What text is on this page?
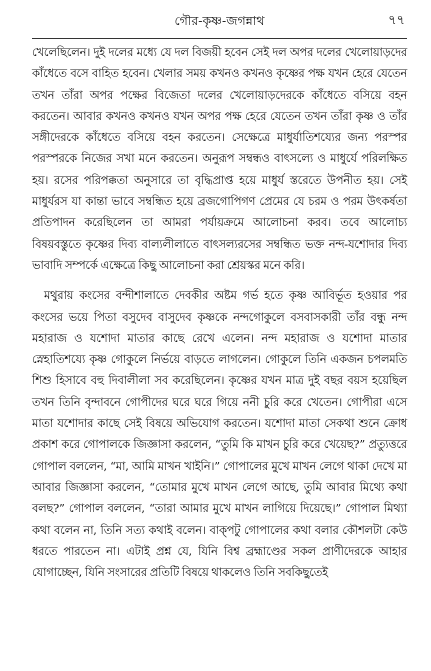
গৌর-কৃষ্ণ-জগন্নাথ	৭৭

খেলেছিলেন। দুই দলের মধ্যে যে দল বিজয়ী হবেন সেই দল অপর দলের খেলোয়াড়দের কাঁধেতে বসে বাহিত হবেন। খেলার সময় কখনও কখনও কৃষ্ণের পক্ষ যখন হেরে যেতেন তখন তাঁরা অপর পক্ষের বিজেতা দলের খেলোয়াড়দেরকে কাঁধেতে বসিয়ে বহন করতেন। আবার কখনও কখনও যখন অপর পক্ষ হেরে যেতেন তখন তাঁরা কৃষ্ণ ও তাঁর সঙ্গীদেরকে কাঁধেতে বসিয়ে বহন করতেন। সেক্ষেত্রে মাধুর্যাতিশয্যের জন্য পরস্পর পরস্পরকে নিজের সখা মনে করতেন। অনুরূপ সম্বন্ধও বাৎসল্যে ও মাধুর্যে পরিলক্ষিত হয়। রসের পরিপক্কতা অনুসারে তা বৃদ্ধিপ্রাপ্ত হয়ে মাধুর্য স্তরেতে উপনীত হয়। সেই মাধুর্যরস যা কান্তা ভাবে সম্বন্ধিত হয়ে ব্রজগোপিগণ প্রেমের যে চরম ও পরম উৎকর্ষতা প্রতিপাদন করেছিলেন তা আমরা পর্যায়ক্রমে আলোচনা করব। তবে আলোচ্য বিষয়বস্তুতে কৃষ্ণের দিব্য বাল্যলীলাতে বাৎসল্যরসের সম্বন্ধিত ভক্ত নন্দ-যশোদার দিব্য ভাবাদি সম্পর্কে এক্ষেত্রে কিছু আলোচনা করা শ্রেয়স্কর মনে করি।

মথুরায় কংসের বন্দীশালাতে দেবকীর অষ্টম গর্ভ হতে কৃষ্ণ আবির্ভূত হওয়ার পর কংসের ভয়ে পিতা বসুদেব বাসুদেব কৃষ্ণকে নন্দগোকুলে বসবাসকারী তাঁর বন্ধু নন্দ মহারাজ ও যশোদা মাতার কাছে রেখে এলেন। নন্দ মহারাজ ও যশোদা মাতার স্নেহাতিশয্যে কৃষ্ণ গোকুলে নির্ভয়ে বাড়তে লাগলেন। গোকুলে তিনি একজন চপলমতি শিশু হিসাবে বহু দিবালীলা সব করেছিলেন। কৃষ্ণের যখন মাত্র দুই বছর বয়স হয়েছিল তখন তিনি বৃন্দাবনে গোপীদের ঘরে ঘরে গিয়ে ননী চুরি করে খেতেন। গোপীরা এসে মাতা যশোদার কাছে সেই বিষয়ে অভিযোগ করতেন। যশোদা মাতা সেকথা শুনে ক্রোধ প্রকাশ করে গোপালকে জিজ্ঞাসা করলেন, “তুমি কি মাখন চুরি করে খেয়েছ?” প্রত্যুত্তরে গোপাল বললেন, “মা, আমি মাখন খাইনি।” গোপালের মুখে মাখন লেগে থাকা দেখে মা আবার জিজ্ঞাসা করলেন, “তোমার মুখে মাখন লেগে আছে, তুমি আবার মিথ্যে কথা বলছ?” গোপাল বললেন, “তারা আমার মুখে মাখন লাগিয়ে দিয়েছে।” গোপাল মিথ্যা কথা বলেন না, তিনি সত্য কথাই বলেন। বাক্পটু গোপালের কথা বলার কৌশলটা কেউ ধরতে পারতেন না। এটাই প্রশ্ন যে, যিনি বিশ্ব ব্রহ্মাণ্ডের সকল প্রাণীদেরকে আহার যোগাচ্ছেন, যিনি সংসারের প্রতিটি বিষয়ে থাকলেও তিনি সবকিছুতেই
